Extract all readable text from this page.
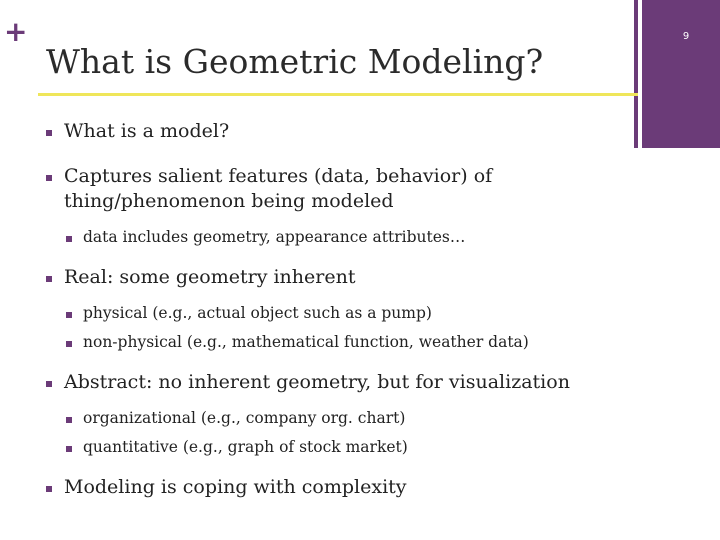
+	9
What is Geometric Modeling?
What is a model?
Captures salient features (data, behavior) of thing/phenomenon being modeled
data includes geometry, appearance attributes…
Real: some geometry inherent
physical (e.g., actual object such as a pump)
non-physical (e.g., mathematical function, weather data)
Abstract: no inherent geometry, but for visualization
organizational (e.g., company org. chart)
quantitative (e.g., graph of stock market)
Modeling is coping with complexity
